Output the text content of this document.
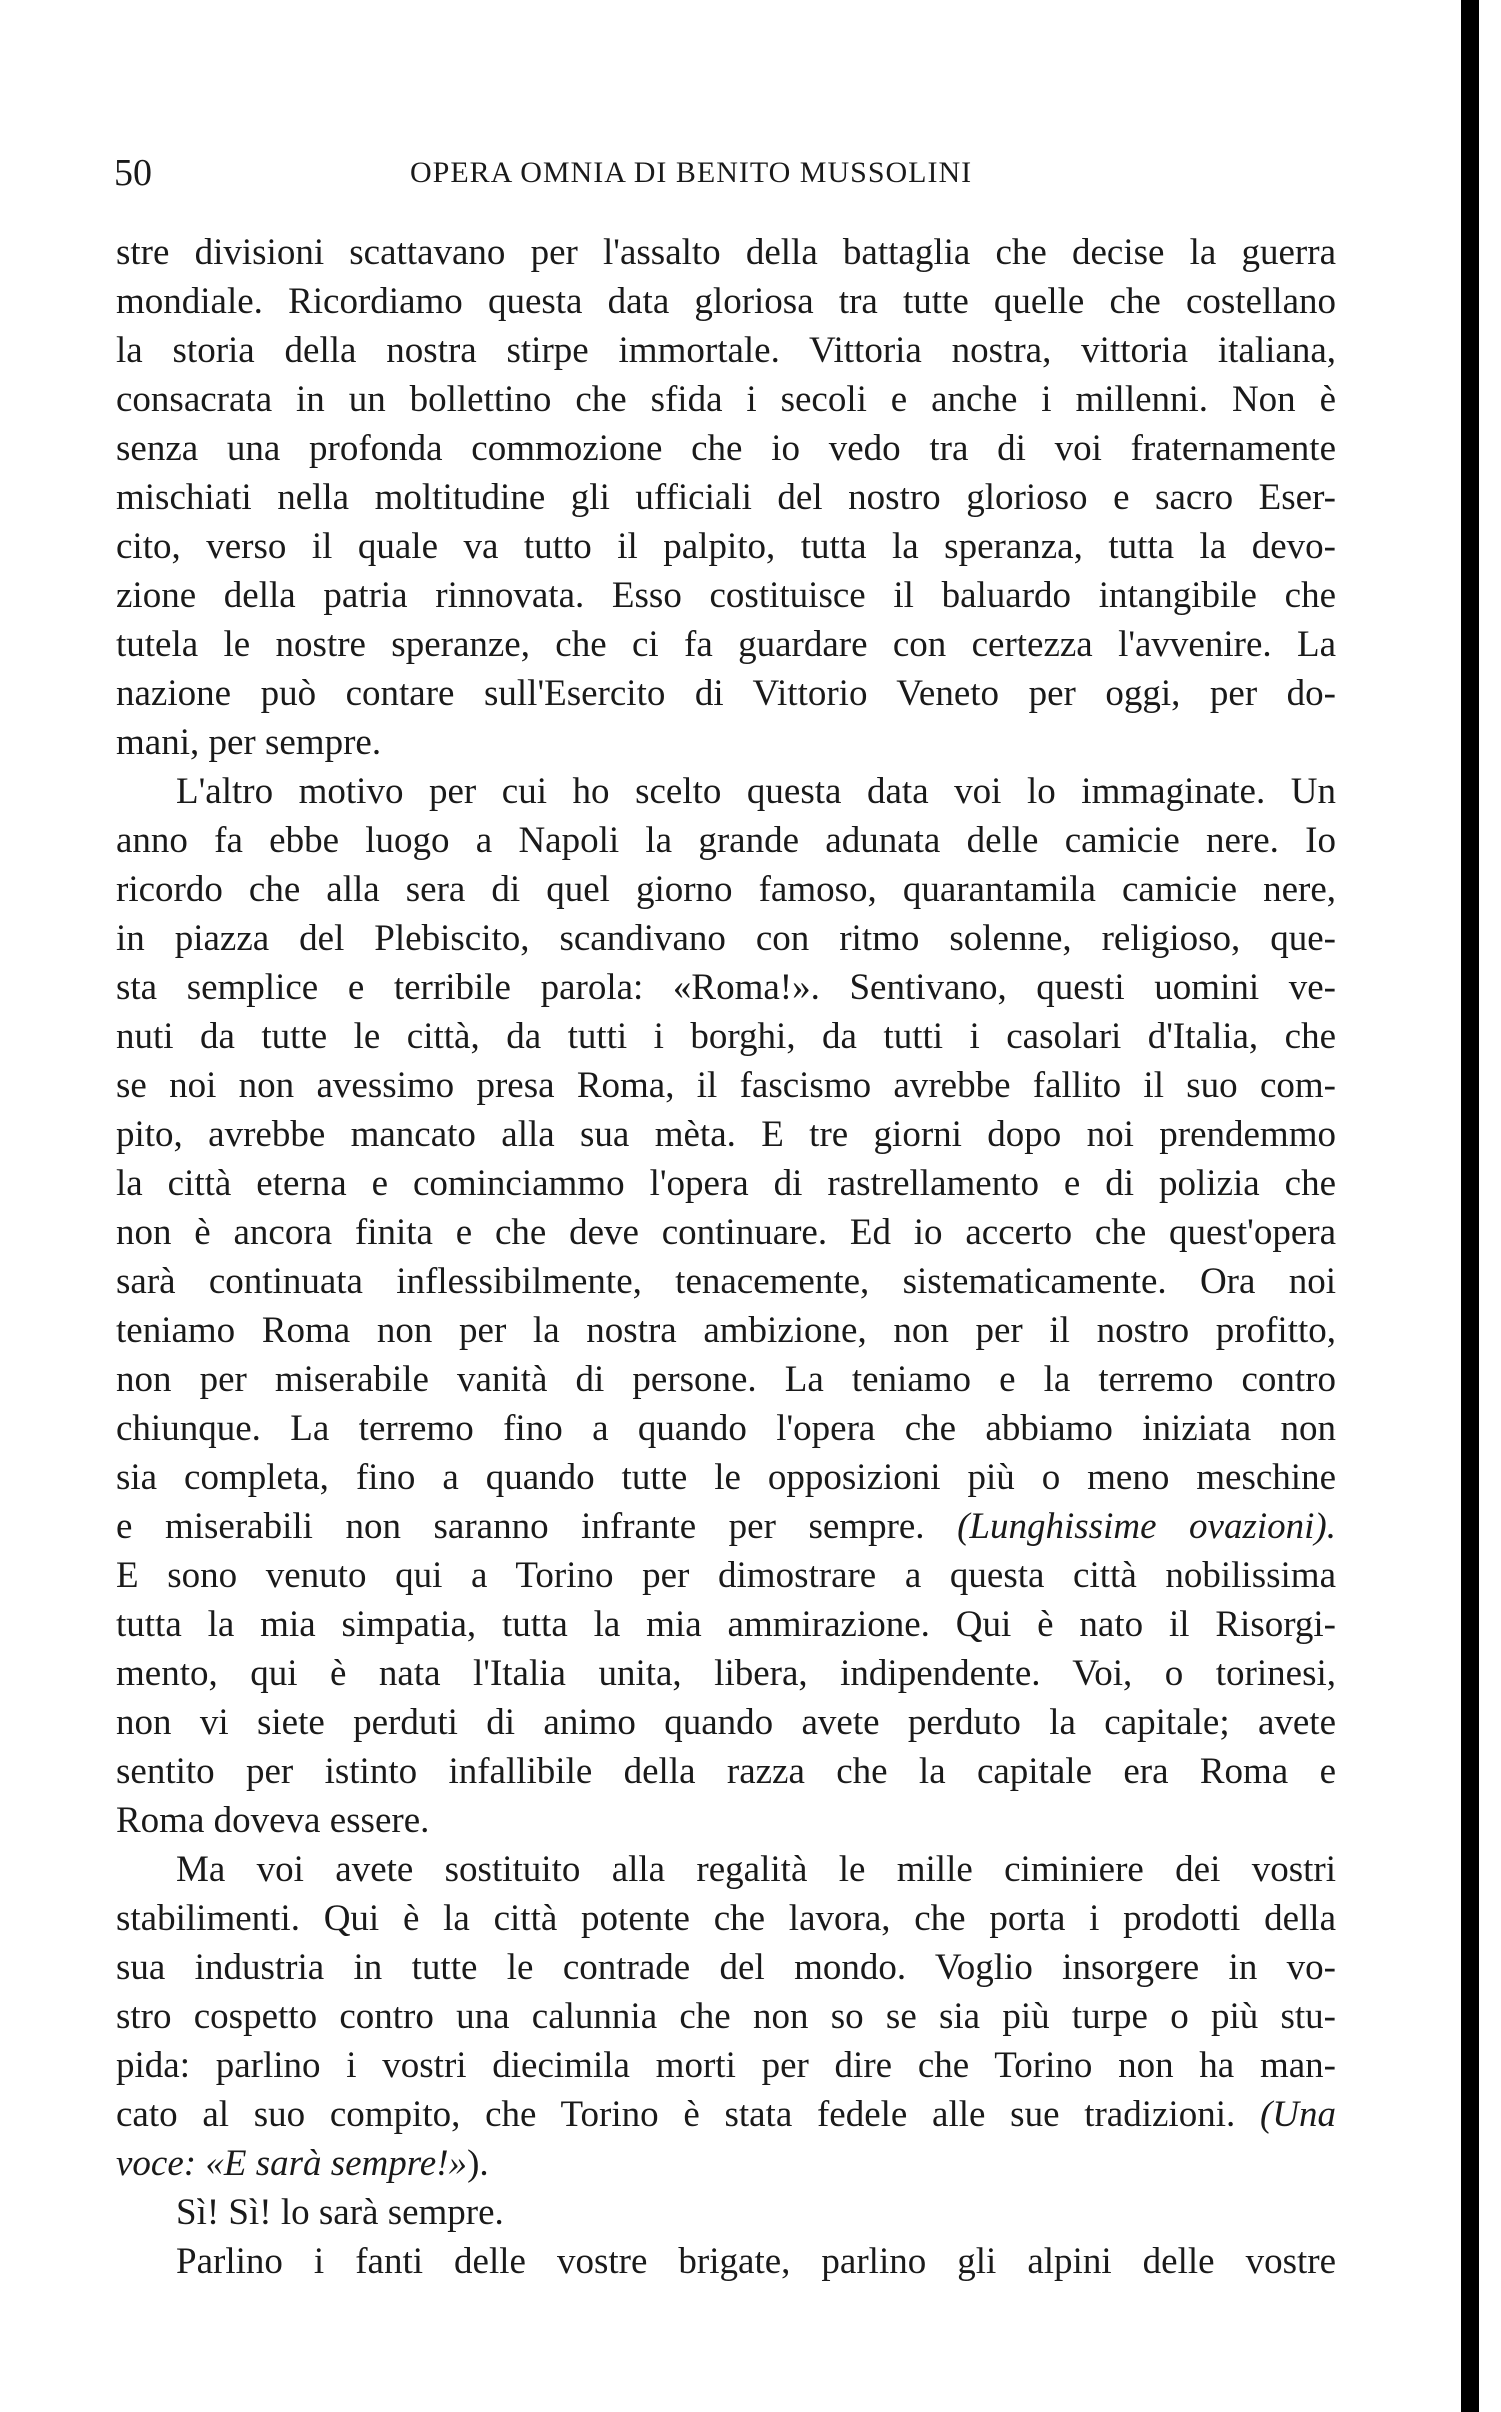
50	OPERA OMNIA DI BENITO MUSSOLINI
stre divisioni scattavano per l'assalto della battaglia che decise la guerra
mondiale. Ricordiamo questa data gloriosa tra tutte quelle che costellano
la storia della nostra stirpe immortale. Vittoria nostra, vittoria italiana,
consacrata in un bollettino che sfida i secoli e anche i millenni. Non è
senza una profonda commozione che io vedo tra di voi fraternamente
mischiati nella moltitudine gli ufficiali del nostro glorioso e sacro Eser-
cito, verso il quale va tutto il palpito, tutta la speranza, tutta la devo-
zione della patria rinnovata. Esso costituisce il baluardo intangibile che
tutela le nostre speranze, che ci fa guardare con certezza l'avvenire. La
nazione può contare sull'Esercito di Vittorio Veneto per oggi, per do-
mani, per sempre.
L'altro motivo per cui ho scelto questa data voi lo immaginate. Un
anno fa ebbe luogo a Napoli la grande adunata delle camicie nere. Io
ricordo che alla sera di quel giorno famoso, quarantamila camicie nere,
in piazza del Plebiscito, scandivano con ritmo solenne, religioso, que-
sta semplice e terribile parola: «Roma!». Sentivano, questi uomini ve-
nuti da tutte le città, da tutti i borghi, da tutti i casolari d'Italia, che
se noi non avessimo presa Roma, il fascismo avrebbe fallito il suo com-
pito, avrebbe mancato alla sua mèta. E tre giorni dopo noi prendemmo
la città eterna e cominciammo l'opera di rastrellamento e di polizia che
non è ancora finita e che deve continuare. Ed io accerto che quest'opera
sarà continuata inflessibilmente, tenacemente, sistematicamente. Ora noi
teniamo Roma non per la nostra ambizione, non per il nostro profitto,
non per miserabile vanità di persone. La teniamo e la terremo contro
chiunque. La terremo fino a quando l'opera che abbiamo iniziata non
sia completa, fino a quando tutte le opposizioni più o meno meschine
e miserabili non saranno infrante per sempre. (Lunghissime ovazioni).
E sono venuto qui a Torino per dimostrare a questa città nobilissima
tutta la mia simpatia, tutta la mia ammirazione. Qui è nato il Risorgi-
mento, qui è nata l'Italia unita, libera, indipendente. Voi, o torinesi,
non vi siete perduti di animo quando avete perduto la capitale; avete
sentito per istinto infallibile della razza che la capitale era Roma e
Roma doveva essere.
Ma voi avete sostituito alla regalità le mille ciminiere dei vostri
stabilimenti. Qui è la città potente che lavora, che porta i prodotti della
sua industria in tutte le contrade del mondo. Voglio insorgere in vo-
stro cospetto contro una calunnia che non so se sia più turpe o più stu-
pida: parlino i vostri diecimila morti per dire che Torino non ha man-
cato al suo compito, che Torino è stata fedele alle sue tradizioni. (Una
voce: «E sarà sempre!»).
Sì! Sì! lo sarà sempre.
Parlino i fanti delle vostre brigate, parlino gli alpini delle vostre
